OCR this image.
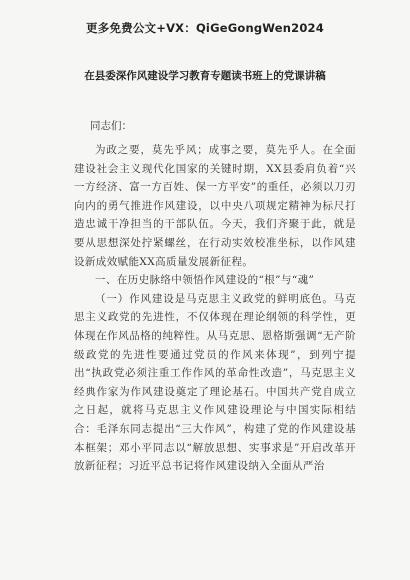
更多免费公文+VX：QiGeGongWen2024
在县委深作风建设学习教育专题读书班上的党课讲稿
同志们：

为政之要，莫先乎风；成事之要，莫先乎人。在全面建设社会主义现代化国家的关键时期，XX县委肩负着“兴一方经济、富一方百姓、保一方平安”的重任，必须以刀刃向内的勇气推进作风建设，以中央八项规定精神为标尺打造忠诚干净担当的干部队伍。今天，我们齐聚于此，就是要从思想深处拧紧螺丝，在行动实效校准坐标，以作风建设新成效赋能XX高质量发展新征程。

一、在历史脉络中领悟作风建设的“根”与“魂”

（一）作风建设是马克思主义政党的鲜明底色。马克思主义政党的先进性，不仅体现在理论纲领的科学性，更体现在作风品格的纯粹性。从马克思、恩格斯强调“无产阶级政党的先进性要通过党员的作风来体现”，到列宁提出“执政党必须注重工作作风的革命性改造”，马克思主义经典作家为作风建设奠定了理论基石。中国共产党自成立之日起，就将马克思主义作风建设理论与中国实际相结合：毛泽东同志提出“三大作风”，构建了党的作风建设基本框架；邓小平同志以“解放思想、实事求是”开启改革开放新征程；习近平总书记将作风建设纳入全面从严治
